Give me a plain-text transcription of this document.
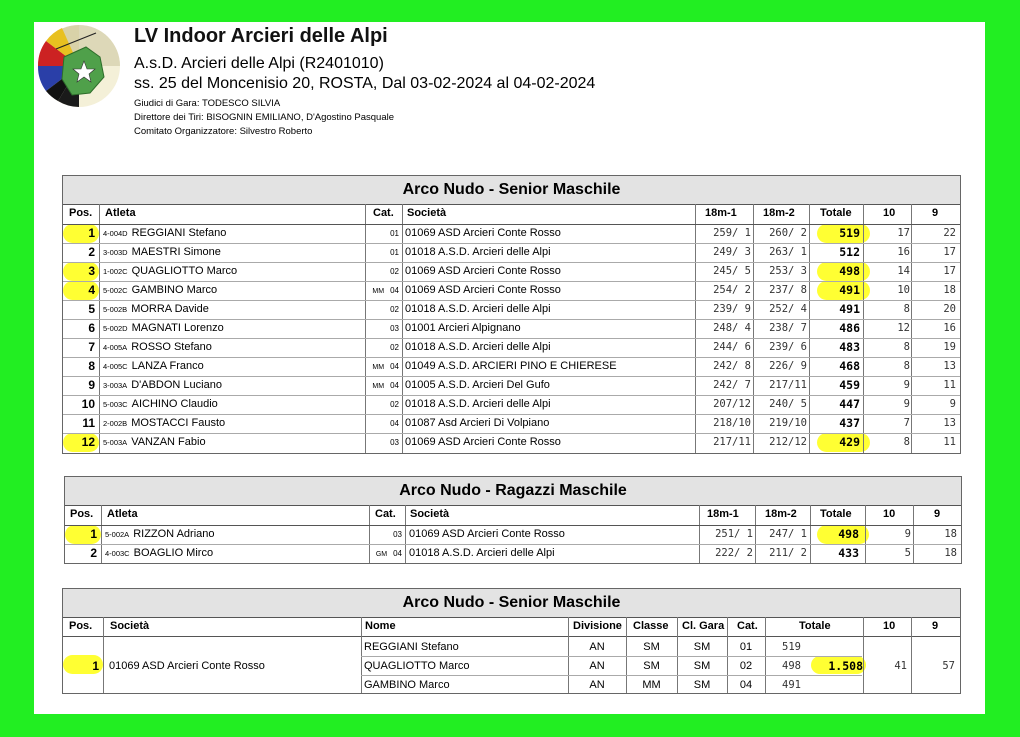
LV Indoor Arcieri delle Alpi
A.s.D. Arcieri delle Alpi (R2401010)
ss. 25 del Moncenisio 20, ROSTA, Dal 03-02-2024 al 04-02-2024
Giudici di Gara: TODESCO SILVIA
Direttore dei Tiri: BISOGNIN EMILIANO, D'Agostino Pasquale
Comitato Organizzatore: Silvestro Roberto
Arco Nudo - Senior Maschile
Pos. Atleta	Cat. Società	18m-1 18m-2 Totale	10	9
1	4-004D REGGIANI Stefano	01 01069 ASD Arcieri Conte Rosso	259/ 1	260/ 2	519	17	22
2	3-003D MAESTRI Simone	01 01018 A.S.D. Arcieri delle Alpi	249/ 3	263/ 1	512	16	17
3	1-002C QUAGLIOTTO Marco	02 01069 ASD Arcieri Conte Rosso	245/ 5	253/ 3	498	14	17
4	5-002C GAMBINO Marco	MM 04 01069 ASD Arcieri Conte Rosso	254/ 2	237/ 8	491	10	18
5	5-002B MORRA Davide	02 01018 A.S.D. Arcieri delle Alpi	239/ 9	252/ 4	491	8	20
6	5-002D MAGNATI Lorenzo	03 01001 Arcieri Alpignano	248/ 4	238/ 7	486	12	16
7	4-005A ROSSO Stefano	02 01018 A.S.D. Arcieri delle Alpi	244/ 6	239/ 6	483	8	19
8	4-005C LANZA Franco	MM 04 01049 A.S.D. ARCIERI PINO E CHIERESE	242/ 8	226/ 9	468	8	13
9	3-003A D'ABDON Luciano	MM 04 01005 A.S.D. Arcieri Del Gufo	242/ 7	217/11	459	9	11
10	5-003C AICHINO Claudio	02 01018 A.S.D. Arcieri delle Alpi	207/12	240/ 5	447	9	9
11	2-002B MOSTACCI Fausto	04 01087 Asd Arcieri Di Volpiano	218/10	219/10	437	7	13
12	5-003A VANZAN Fabio	03 01069 ASD Arcieri Conte Rosso	217/11	212/12	429	8	11
Arco Nudo - Ragazzi Maschile
Pos. Atleta	Cat. Società	18m-1 18m-2 Totale	10	9
1	5-002A RIZZON Adriano	03 01069 ASD Arcieri Conte Rosso	251/ 1	247/ 1	498	9	18
2	4-003C BOAGLIO Mirco	GM 04 01018 A.S.D. Arcieri delle Alpi	222/ 2	211/ 2	433	5	18
Arco Nudo - Senior Maschile
Pos. Società	Nome	Divisione Classe Cl. Gara Cat.	Totale	10	9
1 01069 ASD Arcieri Conte Rosso	1.508	41	57
REGGIANI Stefano	AN	SM	SM	01	519
QUAGLIOTTO Marco	AN	SM	SM	02	498
GAMBINO Marco	AN	MM	SM	04	491
